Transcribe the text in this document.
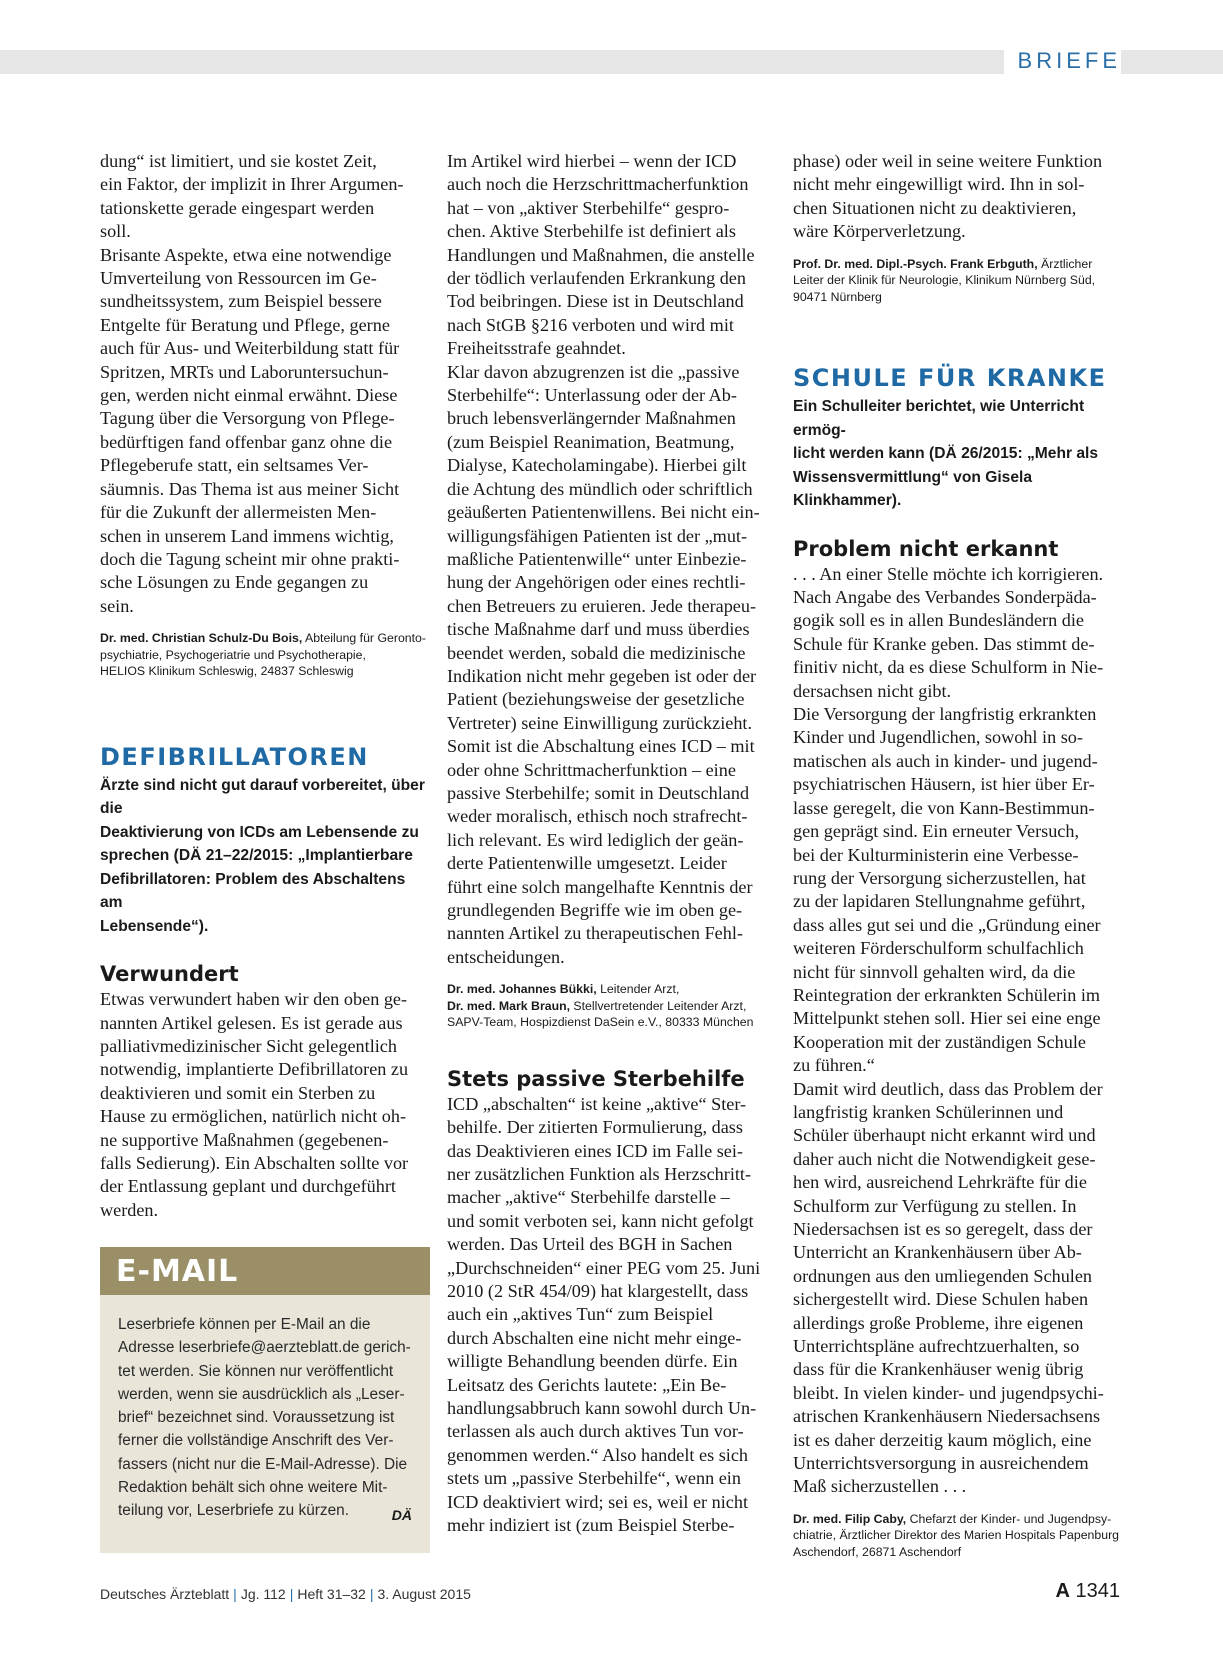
BRIEFE
dung“ ist limitiert, und sie kostet Zeit,
ein Faktor, der implizit in Ihrer Argumen-
tationskette gerade eingespart werden
soll.
Brisante Aspekte, etwa eine notwendige
Umverteilung von Ressourcen im Ge-
sundheitssystem, zum Beispiel bessere
Entgelte für Beratung und Pflege, gerne
auch für Aus- und Weiterbildung statt für
Spritzen, MRTs und Laboruntersuchun-
gen, werden nicht einmal erwähnt. Diese
Tagung über die Versorgung von Pflege-
bedürftigen fand offenbar ganz ohne die
Pflegeberufe statt, ein seltsames Ver-
säumnis. Das Thema ist aus meiner Sicht
für die Zukunft der allermeisten Men-
schen in unserem Land immens wichtig,
doch die Tagung scheint mir ohne prakti-
sche Lösungen zu Ende gegangen zu
sein.
Dr. med. Christian Schulz-Du Bois, Abteilung für Geronto-
psychiatrie, Psychogeriatrie und Psychotherapie,
HELIOS Klinikum Schleswig, 24837 Schleswig
DEFIBRILLATOREN
Ärzte sind nicht gut darauf vorbereitet, über die
Deaktivierung von ICDs am Lebensende zu
sprechen (DÄ 21–22/2015: „Implantierbare
Defibrillatoren: Problem des Abschaltens am
Lebensende“).
Verwundert
Etwas verwundert haben wir den oben ge-
nannten Artikel gelesen. Es ist gerade aus
palliativmedizinischer Sicht gelegentlich
notwendig, implantierte Defibrillatoren zu
deaktivieren und somit ein Sterben zu
Hause zu ermöglichen, natürlich nicht oh-
ne supportive Maßnahmen (gegebenen-
falls Sedierung). Ein Abschalten sollte vor
der Entlassung geplant und durchgeführt
werden.
E-MAIL
Leserbriefe können per E-Mail an die
Adresse leserbriefe@aerzteblatt.de gerich-
tet werden. Sie können nur veröffentlicht
werden, wenn sie ausdrücklich als „Leser-
brief“ bezeichnet sind. Voraussetzung ist
ferner die vollständige Anschrift des Ver-
fassers (nicht nur die E-Mail-Adresse). Die
Redaktion behält sich ohne weitere Mit-
teilung vor, Leserbriefe zu kürzen.	DÄ
Im Artikel wird hierbei – wenn der ICD
auch noch die Herzschrittmacherfunktion
hat – von „aktiver Sterbehilfe“ gespro-
chen. Aktive Sterbehilfe ist definiert als
Handlungen und Maßnahmen, die anstelle
der tödlich verlaufenden Erkrankung den
Tod beibringen. Diese ist in Deutschland
nach StGB §216 verboten und wird mit
Freiheitsstrafe geahndet.
Klar davon abzugrenzen ist die „passive
Sterbehilfe“: Unterlassung oder der Ab-
bruch lebensverlängernder Maßnahmen
(zum Beispiel Reanimation, Beatmung,
Dialyse, Katecholamingabe). Hierbei gilt
die Achtung des mündlich oder schriftlich
geäußerten Patientenwillens. Bei nicht ein-
willigungsfähigen Patienten ist der „mut-
maßliche Patientenwille“ unter Einbezie-
hung der Angehörigen oder eines rechtli-
chen Betreuers zu eruieren. Jede therapeu-
tische Maßnahme darf und muss überdies
beendet werden, sobald die medizinische
Indikation nicht mehr gegeben ist oder der
Patient (beziehungsweise der gesetzliche
Vertreter) seine Einwilligung zurückzieht.
Somit ist die Abschaltung eines ICD – mit
oder ohne Schrittmacherfunktion – eine
passive Sterbehilfe; somit in Deutschland
weder moralisch, ethisch noch strafrecht-
lich relevant. Es wird lediglich der geän-
derte Patientenwille umgesetzt. Leider
führt eine solch mangelhafte Kenntnis der
grundlegenden Begriffe wie im oben ge-
nannten Artikel zu therapeutischen Fehl-
entscheidungen.
Dr. med. Johannes Bükki, Leitender Arzt,
Dr. med. Mark Braun, Stellvertretender Leitender Arzt,
SAPV-Team, Hospizdienst DaSein e.V., 80333 München
Stets passive Sterbehilfe
ICD „abschalten“ ist keine „aktive“ Ster-
behilfe. Der zitierten Formulierung, dass
das Deaktivieren eines ICD im Falle sei-
ner zusätzlichen Funktion als Herzschritt-
macher „aktive“ Sterbehilfe darstelle –
und somit verboten sei, kann nicht gefolgt
werden. Das Urteil des BGH in Sachen
„Durchschneiden“ einer PEG vom 25. Juni
2010 (2 StR 454/09) hat klargestellt, dass
auch ein „aktives Tun“ zum Beispiel
durch Abschalten eine nicht mehr einge-
willigte Behandlung beenden dürfe. Ein
Leitsatz des Gerichts lautete: „Ein Be-
handlungsabbruch kann sowohl durch Un-
terlassen als auch durch aktives Tun vor-
genommen werden.“ Also handelt es sich
stets um „passive Sterbehilfe“, wenn ein
ICD deaktiviert wird; sei es, weil er nicht
mehr indiziert ist (zum Beispiel Sterbe-
phase) oder weil in seine weitere Funktion
nicht mehr eingewilligt wird. Ihn in sol-
chen Situationen nicht zu deaktivieren,
wäre Körperverletzung.
Prof. Dr. med. Dipl.-Psych. Frank Erbguth, Ärztlicher
Leiter der Klinik für Neurologie, Klinikum Nürnberg Süd,
90471 Nürnberg
SCHULE FÜR KRANKE
Ein Schulleiter berichtet, wie Unterricht ermög-
licht werden kann (DÄ 26/2015: „Mehr als
Wissensvermittlung“ von Gisela Klinkhammer).
Problem nicht erkannt
. . . An einer Stelle möchte ich korrigieren.
Nach Angabe des Verbandes Sonderpäda-
gogik soll es in allen Bundesländern die
Schule für Kranke geben. Das stimmt de-
finitiv nicht, da es diese Schulform in Nie-
dersachsen nicht gibt.
Die Versorgung der langfristig erkrankten
Kinder und Jugendlichen, sowohl in so-
matischen als auch in kinder- und jugend-
psychiatrischen Häusern, ist hier über Er-
lasse geregelt, die von Kann-Bestimmun-
gen geprägt sind. Ein erneuter Versuch,
bei der Kulturministerin eine Verbesse-
rung der Versorgung sicherzustellen, hat
zu der lapidaren Stellungnahme geführt,
dass alles gut sei und die „Gründung einer
weiteren Förderschulform schulfachlich
nicht für sinnvoll gehalten wird, da die
Reintegration der erkrankten Schülerin im
Mittelpunkt stehen soll. Hier sei eine enge
Kooperation mit der zuständigen Schule
zu führen.“
Damit wird deutlich, dass das Problem der
langfristig kranken Schülerinnen und
Schüler überhaupt nicht erkannt wird und
daher auch nicht die Notwendigkeit gese-
hen wird, ausreichend Lehrkräfte für die
Schulform zur Verfügung zu stellen. In
Niedersachsen ist es so geregelt, dass der
Unterricht an Krankenhäusern über Ab-
ordnungen aus den umliegenden Schulen
sichergestellt wird. Diese Schulen haben
allerdings große Probleme, ihre eigenen
Unterrichtspläne aufrechtzuerhalten, so
dass für die Krankenhäuser wenig übrig
bleibt. In vielen kinder- und jugendpsychi-
atrischen Krankenhäusern Niedersachsens
ist es daher derzeitig kaum möglich, eine
Unterrichtsversorgung in ausreichendem
Maß sicherzustellen . . .
Dr. med. Filip Caby, Chefarzt der Kinder- und Jugendpsy-
chiatrie, Ärztlicher Direktor des Marien Hospitals Papenburg
Aschendorf, 26871 Aschendorf
Deutsches Ärzteblatt | Jg. 112 | Heft 31–32 | 3. August 2015	A 1341
